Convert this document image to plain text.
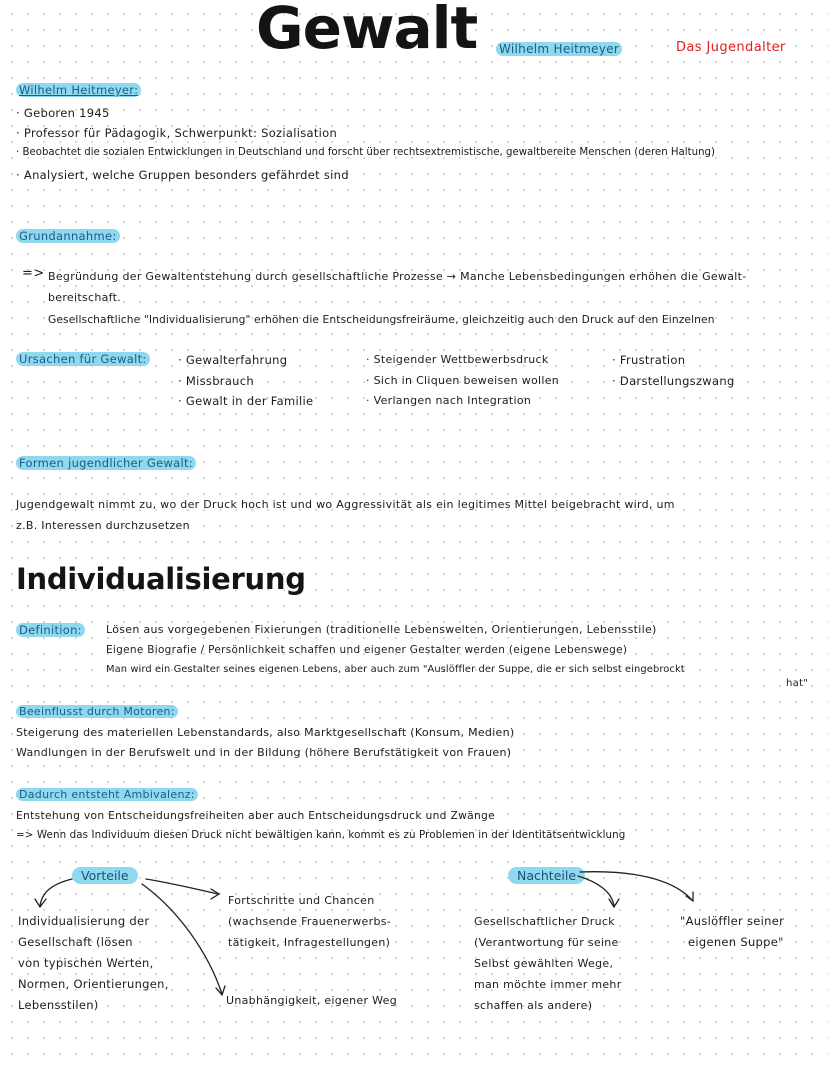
Gewalt Wilhelm Heitmeyer	Das Jugendalter
Wilhelm Heitmeyer:
· Geboren 1945
· Professor für Pädagogik, Schwerpunkt: Sozialisation
· Beobachtet die sozialen Entwicklungen in Deutschland und forscht über rechtsextremistische, gewaltbereite Menschen (deren Haltung)
· Analysiert, welche Gruppen besonders gefährdet sind
Grundannahme:
=> Begründung der Gewaltentstehung durch gesellschaftliche Prozesse → Manche Lebensbedingungen erhöhen die Gewalt-
bereitschaft.
Gesellschaftliche "Individualisierung" erhöhen die Entscheidungsfreiräume, gleichzeitig auch den Druck auf den Einzelnen
Ursachen für Gewalt:	· Gewalterfahrung
· Missbrauch
· Gewalt in der Familie
· Steigender Wettbewerbsdruck
· Sich in Cliquen beweisen wollen
· Verlangen nach Integration
· Frustration
· Darstellungszwang
Formen jugendlicher Gewalt:
Jugendgewalt nimmt zu, wo der Druck hoch ist und wo Aggressivität als ein legitimes Mittel beigebracht wird, um
z.B. Interessen durchzusetzen
Individualisierung
Definition: Lösen aus vorgegebenen Fixierungen (traditionelle Lebenswelten, Orientierungen, Lebensstile)
Eigene Biografie / Persönlichkeit schaffen und eigener Gestalter werden (eigene Lebenswege)
Man wird ein Gestalter seines eigenen Lebens, aber auch zum "Auslöffler der Suppe, die er sich selbst eingebrockt
hat"
Beeinflusst durch Motoren:
Steigerung des materiellen Lebenstandards, also Marktgesellschaft (Konsum, Medien)
Wandlungen in der Berufswelt und in der Bildung (höhere Berufstätigkeit von Frauen)
Dadurch entsteht Ambivalenz:
Entstehung von Entscheidungsfreiheiten aber auch Entscheidungsdruck und Zwänge
=> Wenn das Individuum diesen Druck nicht bewältigen kann, kommt es zu Problemen in der Identitätsentwicklung
Vorteile	Nachteile
Individualisierung der
Gesellschaft (lösen
von typischen Werten,
Normen, Orientierungen,
Lebensstilen)
Fortschritte und Chancen
(wachsende Frauenerwerbs-
tätigkeit, Infragestellungen)
Unabhängigkeit, eigener Weg
Gesellschaftlicher Druck
(Verantwortung für seine
Selbst gewählten Wege,
man möchte immer mehr
schaffen als andere)
"Auslöffler seiner
eigenen Suppe"
